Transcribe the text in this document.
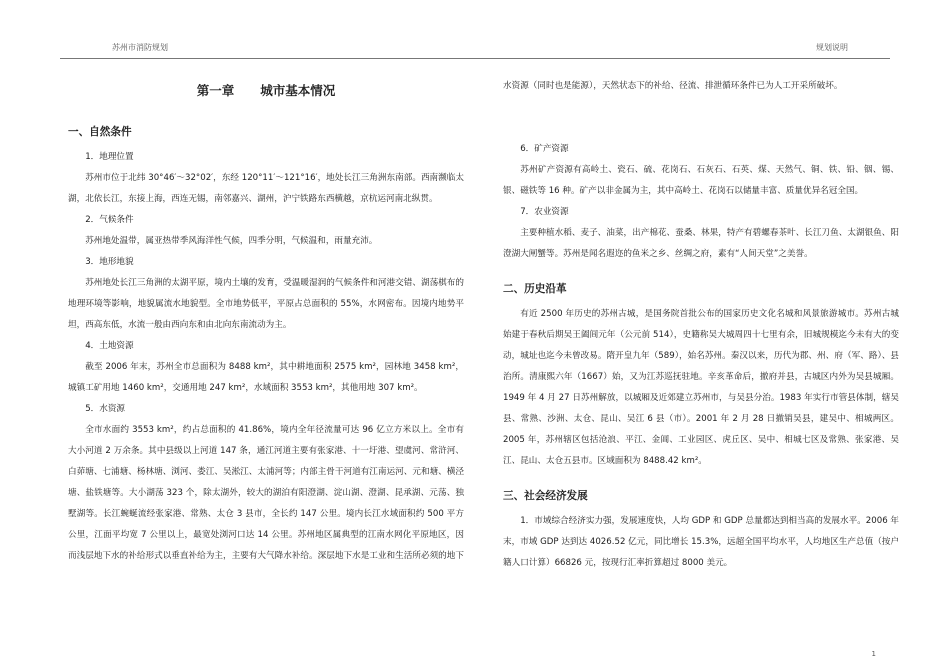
苏州市消防规划	规划说明
第一章 城市基本情况
一、自然条件
1．地理位置
苏州市位于北纬 30°46′～32°02′，东经 120°11′～121°16′，地处长江三角洲东南部。西南濒临太湖，北依长江，东接上海，西连无锡，南邻嘉兴、湖州，沪宁铁路东西横越，京杭运河南北纵贯。
2．气候条件
苏州地处温带，属亚热带季风海洋性气候，四季分明，气候温和，雨量充沛。
3．地形地貌
苏州地处长江三角洲的太湖平原，境内土壤的发育，受温暖湿润的气候条件和河港交错、湖荡棋布的地理环境等影响，地貌属流水地貌型。全市地势低平，平原占总面积的 55%，水网密布。因境内地势平坦，西高东低，水流一般由西向东和由北向东南流动为主。
4．土地资源
截至 2006 年末，苏州全市总面积为 8488 km²，其中耕地面积 2575 km²，园林地 3458 km²，城镇工矿用地 1460 km²，交通用地 247 km²，水域面积 3553 km²，其他用地 307 km²。
5．水资源
全市水面约 3553 km²，约占总面积的 41.86%，境内全年径流量可达 96 亿立方米以上。全市有大小河道 2 万余条。其中县级以上河道 147 条，通江河道主要有张家港、十一圩港、望虞河、常浒河、白茆塘、七浦塘、杨林塘、浏河、娄江、吴淞江、太浦河等；内部主骨干河道有江南运河、元和塘、横泾塘、盐铁塘等。大小湖荡 323 个，除太湖外，较大的湖泊有阳澄湖、淀山湖、澄湖、昆承湖、元荡、独墅湖等。长江蜿蜒流经张家港、常熟、太仓 3 县市，全长约 147 公里。境内长江水域面积约 500 平方公里，江面平均宽 7 公里以上，最宽处浏河口达 14 公里。苏州地区属典型的江南水网化平原地区，因而浅层地下水的补给形式以垂直补给为主，主要有大气降水补给。深层地下水是工业和生活所必须的地下
水资源（同时也是能源），天然状态下的补给、径流、排泄循环条件已为人工开采所破坏。
6．矿产资源
苏州矿产资源有高岭土、瓷石、硫、花岗石、石灰石、石英、煤、天然气、铜、铁、铅、铟、锡、银、磁铁等 16 种。矿产以非金属为主，其中高岭土、花岗石以储量丰富、质量优异名冠全国。
7．农业资源
主要种植水稻、麦子、油菜，出产棉花、蚕桑、林果，特产有碧螺春茶叶、长江刀鱼、太湖银鱼、阳澄湖大闸蟹等。苏州是闻名遐迩的鱼米之乡、丝绸之府，素有“人间天堂”之美誉。
二、历史沿革
有近 2500 年历史的苏州古城，是国务院首批公布的国家历史文化名城和风景旅游城市。苏州古城始建于春秋后期吴王阖闾元年（公元前 514），史籍称吴大城周四十七里有余，旧城规模迄今未有大的变动，城址也迄今未曾改易。隋开皇九年（589），始名苏州。秦汉以来，历代为郡、州、府（军、路）、县治所。清康熙六年（1667）始，又为江苏巡抚驻地。辛亥革命后，撤府并县，古城区内外为吴县城厢。1949 年 4 月 27 日苏州解放，以城厢及近郊建立苏州市，与吴县分治。1983 年实行市管县体制，辖吴县、常熟、沙洲、太仓、昆山、吴江 6 县（市）。2001 年 2 月 28 日撤销吴县，建吴中、相城两区。2005 年，苏州辖区包括沧浪、平江、金阊、工业园区、虎丘区、吴中、相城七区及常熟、张家港、吴江、昆山、太仓五县市。区域面积为 8488.42 km²。
三、社会经济发展
1．市域综合经济实力强，发展速度快，人均 GDP 和 GDP 总量都达到相当高的发展水平。2006 年末，市域 GDP 达到达 4026.52 亿元，同比增长 15.3%，远超全国平均水平，人均地区生产总值（按户籍人口计算）66826 元，按现行汇率折算超过 8000 美元。
1
